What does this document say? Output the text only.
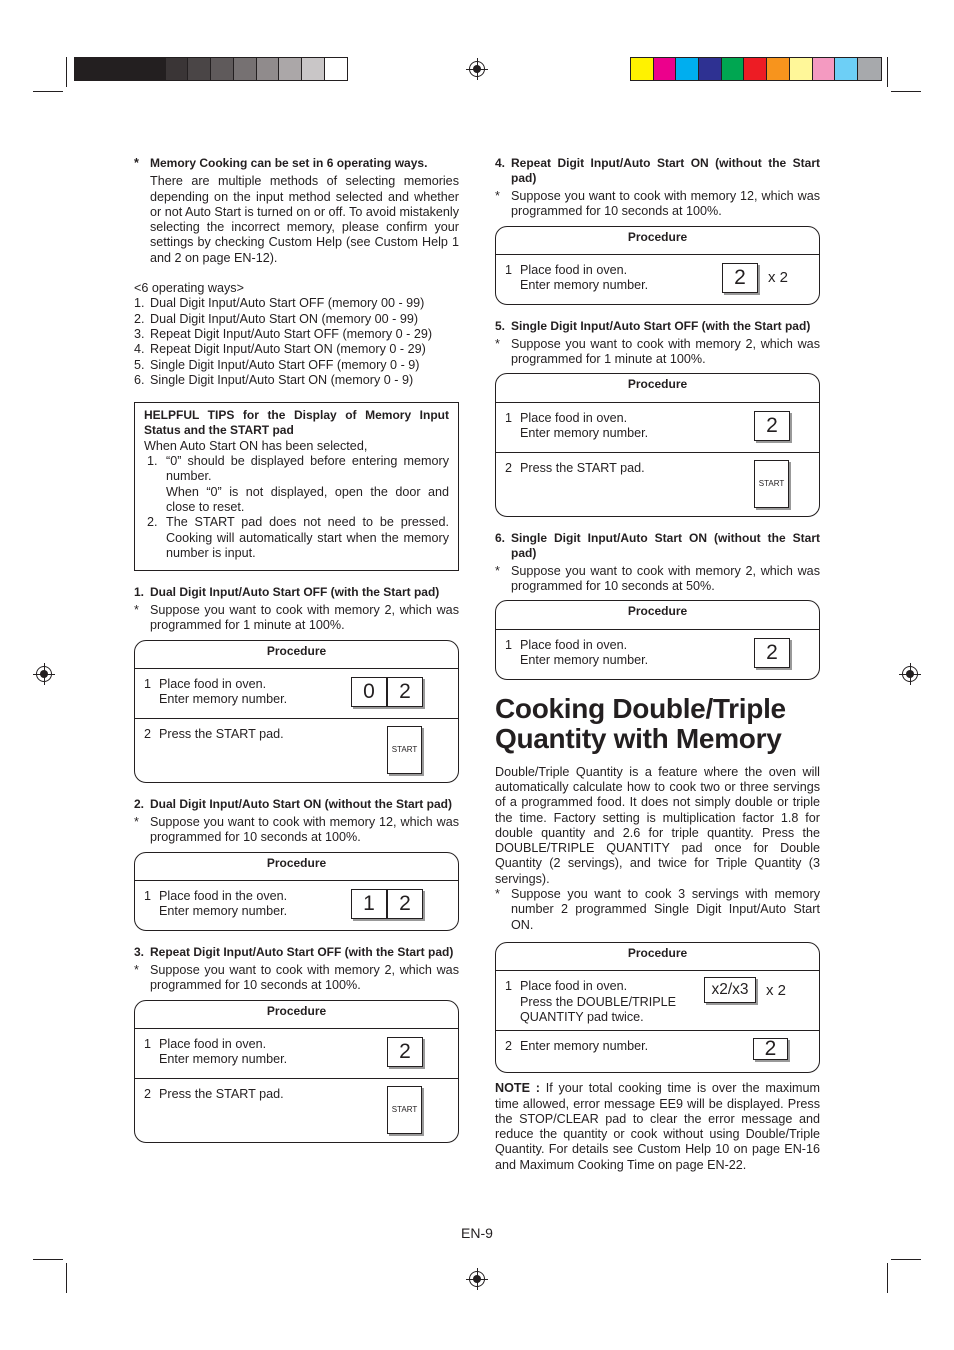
* Memory Cooking can be set in 6 operating ways.

There are multiple methods of selecting memories depending on the input method selected and whether or not Auto Start is turned on or off. To avoid mistakenly selecting the incorrect memory, please confirm your settings by checking Custom Help (see Custom Help 1 and 2 on page EN-12).

<6 operating ways>
1. Dual Digit Input/Auto Start OFF (memory 00 - 99)
2. Dual Digit Input/Auto Start ON (memory 00 - 99)
3. Repeat Digit Input/Auto Start OFF (memory 0 - 29)
4. Repeat Digit Input/Auto Start ON (memory 0 - 29)
5. Single Digit Input/Auto Start OFF (memory 0 - 9)
6. Single Digit Input/Auto Start ON (memory 0 - 9)

HELPFUL TIPS for the Display of Memory Input Status and the START pad

When Auto Start ON has been selected,
1. “0” should be displayed before entering memory number.
When “0” is not displayed, open the door and close to reset.
2. The START pad does not need to be pressed. Cooking will automatically start when the memory number is input.
1. Dual Digit Input/Auto Start OFF (with the Start pad)
* Suppose you want to cook with memory 2, which was programmed for 1 minute at 100%.

Procedure
1 Place food in oven.
Enter memory number.	0	2
2 Press the START pad.
START
2. Dual Digit Input/Auto Start ON (without the Start pad)
* Suppose you want to cook with memory 12, which was programmed for 10 seconds at 100%.

Procedure
1 Place food in the oven.
Enter memory number.	1	2
3. Repeat Digit Input/Auto Start OFF (with the Start pad)
* Suppose you want to cook with memory 2, which was programmed for 10 seconds at 100%.

Procedure
1 Place food in oven.
Enter memory number.	2
2 Press the START pad.
START
4. Repeat Digit Input/Auto Start ON (without the Start pad)
* Suppose you want to cook with memory 12, which was programmed for 10 seconds at 100%.

Procedure
1 Place food in oven.
Enter memory number.	2	x 2
5. Single Digit Input/Auto Start OFF (with the Start pad)
* Suppose you want to cook with memory 2, which was programmed for 1 minute at 100%.

Procedure
1 Place food in oven.
Enter memory number.	2
2 Press the START pad.
START
6. Single Digit Input/Auto Start ON (without the Start pad)
* Suppose you want to cook with memory 2, which was programmed for 10 seconds at 50%.

Procedure
1 Place food in oven.
Enter memory number.	2
Cooking Double/Triple Quantity with Memory

Double/Triple Quantity is a feature where the oven will automatically calculate how to cook two or three servings of a programmed food. It does not simply double or triple the time. Factory setting is multiplication factor 1.8 for double quantity and 2.6 for triple quantity. Press the DOUBLE/TRIPLE QUANTITY pad once for Double Quantity (2 servings), and twice for Triple Quantity (3 servings).

* Suppose you want to cook 3 servings with memory number 2 programmed Single Digit Input/Auto Start ON.

Procedure
1 Place food in oven.
Press the DOUBLE/TRIPLE
QUANTITY pad twice.
x2/x3	x 2
2 Enter memory number.	2

NOTE : If your total cooking time is over the maximum time allowed, error message EE9 will be displayed. Press the STOP/CLEAR pad to clear the error message and reduce the quantity or cook without using Double/Triple Quantity. For details see Custom Help 10 on page EN-16 and Maximum Cooking Time on page EN-22.

EN-9
